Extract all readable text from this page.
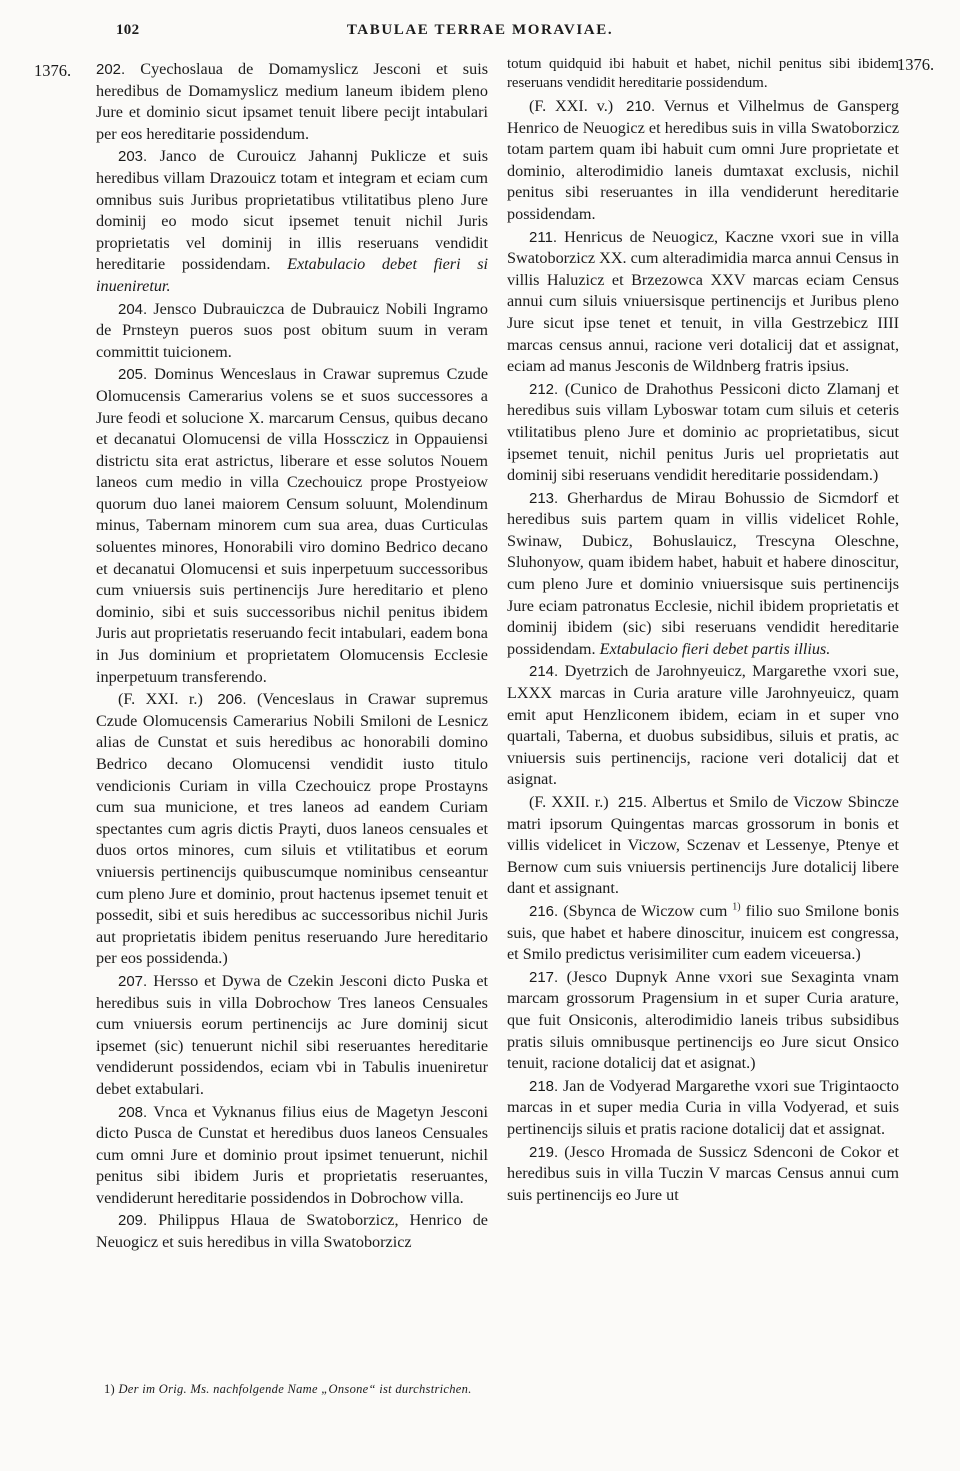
102	TABULAE TERRAE MORAVIAE.
1376.	1376.

202. Cyechoslaua de Domamyslicz Jesconi et suis heredibus de Domamyslicz medium laneum ibidem pleno Jure et dominio sicut ipsamet tenuit libere pecijt intabulari per eos hereditarie possidendum.

203. Janco de Curouicz Jahannj Puklicze et suis heredibus villam Drazouicz totam et integram et eciam cum omnibus suis Juribus proprietatibus vtilitatibus pleno Jure dominij eo modo sicut ipsemet tenuit nichil Juris proprietatis vel dominij in illis reseruans vendidit hereditarie possidendam. Extabulacio debet fieri si inueniretur.

204. Jensco Dubrauiczca de Dubrauicz Nobili Ingramo de Prnsteyn pueros suos post obitum suum in veram committit tuicionem.

205. Dominus Wenceslaus in Crawar supremus Czude Olomucensis Camerarius volens se et suos successores a Jure feodi et solucione X. marcarum Census, quibus decano et decanatui Olomucensi de villa Hossczicz in Oppauiensi districtu sita erat astrictus, liberare et esse solutos Nouem laneos cum medio in villa Czechouicz prope Prostyeiow quorum duo lanei maiorem Censum soluunt, Molendinum minus, Tabernam minorem cum sua area, duas Curticulas soluentes minores, Honorabili viro domino Bedrico decano et decanatui Olomucensi et suis inperpetuum successoribus cum vniuersis suis pertinencijs Jure hereditario et pleno dominio, sibi et suis successoribus nichil penitus ibidem Juris aut proprietatis reseruando fecit intabulari, eadem bona in Jus dominium et proprietatem Olomucensis Ecclesie inperpetuum transferendo.

(F. XXI. r.) 206. (Venceslaus in Crawar supremus Czude Olomucensis Camerarius Nobili Smiloni de Lesnicz alias de Cunstat et suis heredibus ac honorabili domino Bedrico decano Olomucensi vendidit iusto titulo vendicionis Curiam in villa Czechouicz prope Prostayns cum sua municione, et tres laneos ad eandem Curiam spectantes cum agris dictis Prayti, duos laneos censuales et duos ortos minores, cum siluis et vtilitatibus et eorum vniuersis pertinencijs quibuscumque nominibus censeantur cum pleno Jure et dominio, prout hactenus ipsemet tenuit et possedit, sibi et suis heredibus ac successoribus nichil Juris aut proprietatis ibidem penitus reseruando Jure hereditario per eos possidenda.)

207. Hersso et Dywa de Czekin Jesconi dicto Puska et heredibus suis in villa Dobrochow Tres laneos Censuales cum vniuersis eorum pertinencijs ac Jure dominij sicut ipsemet (sic) tenuerunt nichil sibi reseruantes hereditarie vendiderunt possidendos, eciam vbi in Tabulis inueniretur debet extabulari.

208. Vnca et Vyknanus filius eius de Magetyn Jesconi dicto Pusca de Cunstat et heredibus duos laneos Censuales cum omni Jure et dominio prout ipsimet tenuerunt, nichil penitus sibi ibidem Juris et proprietatis reseruantes, vendiderunt hereditarie possidendos in Dobrochow villa.

209. Philippus Hlaua de Swatoborzicz, Henrico de Neuogicz et suis heredibus in villa Swatoborzicz

totum quidquid ibi habuit et habet, nichil penitus sibi ibidem reseruans vendidit hereditarie possidendum.

(F. XXI. v.) 210. Vernus et Vilhelmus de Gansperg Henrico de Neuogicz et heredibus suis in villa Swatoborzicz totam partem quam ibi habuit cum omni Jure proprietate et dominio, alterodimidio laneis dumtaxat exclusis, nichil penitus sibi reseruantes in illa vendiderunt hereditarie possidendam.

211. Henricus de Neuogicz, Kaczne vxori sue in villa Swatoborzicz XX. cum alteradimidia marca annui Census in villis Haluzicz et Brzezowca XXV marcas eciam Census annui cum siluis vniuersisque pertinencijs et Juribus pleno Jure sicut ipse tenet et tenuit, in villa Gestrzebicz IIII marcas census annui, racione veri dotalicij dat et assignat, eciam ad manus Jesconis de Wildnberg fratris ipsius.

212. (Cunico de Drahothus Pessiconi dicto Zlamanj et heredibus suis villam Lyboswar totam cum siluis et ceteris vtilitatibus pleno Jure et dominio ac proprietatibus, sicut ipsemet tenuit, nichil penitus Juris uel proprietatis aut dominij sibi reseruans vendidit hereditarie possidendam.)

213. Gherhardus de Mirau Bohussio de Sicmdorf et heredibus suis partem quam in villis videlicet Rohle, Swinaw, Dubicz, Bohuslauicz, Trescyna Oleschne, Sluhonyow, quam ibidem habet, habuit et habere dinoscitur, cum pleno Jure et dominio vniuersisque suis pertinencijs Jure eciam patronatus Ecclesie, nichil ibidem proprietatis et dominij ibidem (sic) sibi reseruans vendidit hereditarie possidendam. Extabulacio fieri debet partis illius.

214. Dyetrzich de Jarohnyeuicz, Margarethe vxori sue, LXXX marcas in Curia arature ville Jarohnyeuicz, quam emit aput Henzliconem ibidem, eciam in et super vno quartali, Taberna, et duobus subsidibus, siluis et pratis, ac vniuersis suis pertinencijs, racione veri dotalicij dat et asignat.

(F. XXII. r.) 215. Albertus et Smilo de Viczow Sbincze matri ipsorum Quingentas marcas grossorum in bonis et villis videlicet in Viczow, Sczenav et Lessenye, Ptenye et Bernow cum suis vniuersis pertinencijs Jure dotalicij libere dant et assignant.

216. (Sbynca de Wiczow cum $^{1)}$ filio suo Smilone bonis suis, que habet et habere dinoscitur, inuicem est congressa, et Smilo predictus verisimiliter cum eadem viceuersa.)

217. (Jesco Dupnyk Anne vxori sue Sexaginta vnam marcam grossorum Pragensium in et super Curia arature, que fuit Onsiconis, alterodimidio laneis tribus subsidibus pratis siluis omnibusque pertinencijs eo Jure sicut Onsico tenuit, racione dotalicij dat et asignat.)

218. Jan de Vodyerad Margarethe vxori sue Trigintaocto marcas in et super media Curia in villa Vodyerad, et suis pertinencijs siluis et pratis racione dotalicij dat et assignat.

219. (Jesco Hromada de Sussicz Sdenconi de Cokor et heredibus suis in villa Tuczin V marcas Census annui cum suis pertinencijs eo Jure ut

1) Der im Orig. Ms. nachfolgende Name „Onsone“ ist durchstrichen.
